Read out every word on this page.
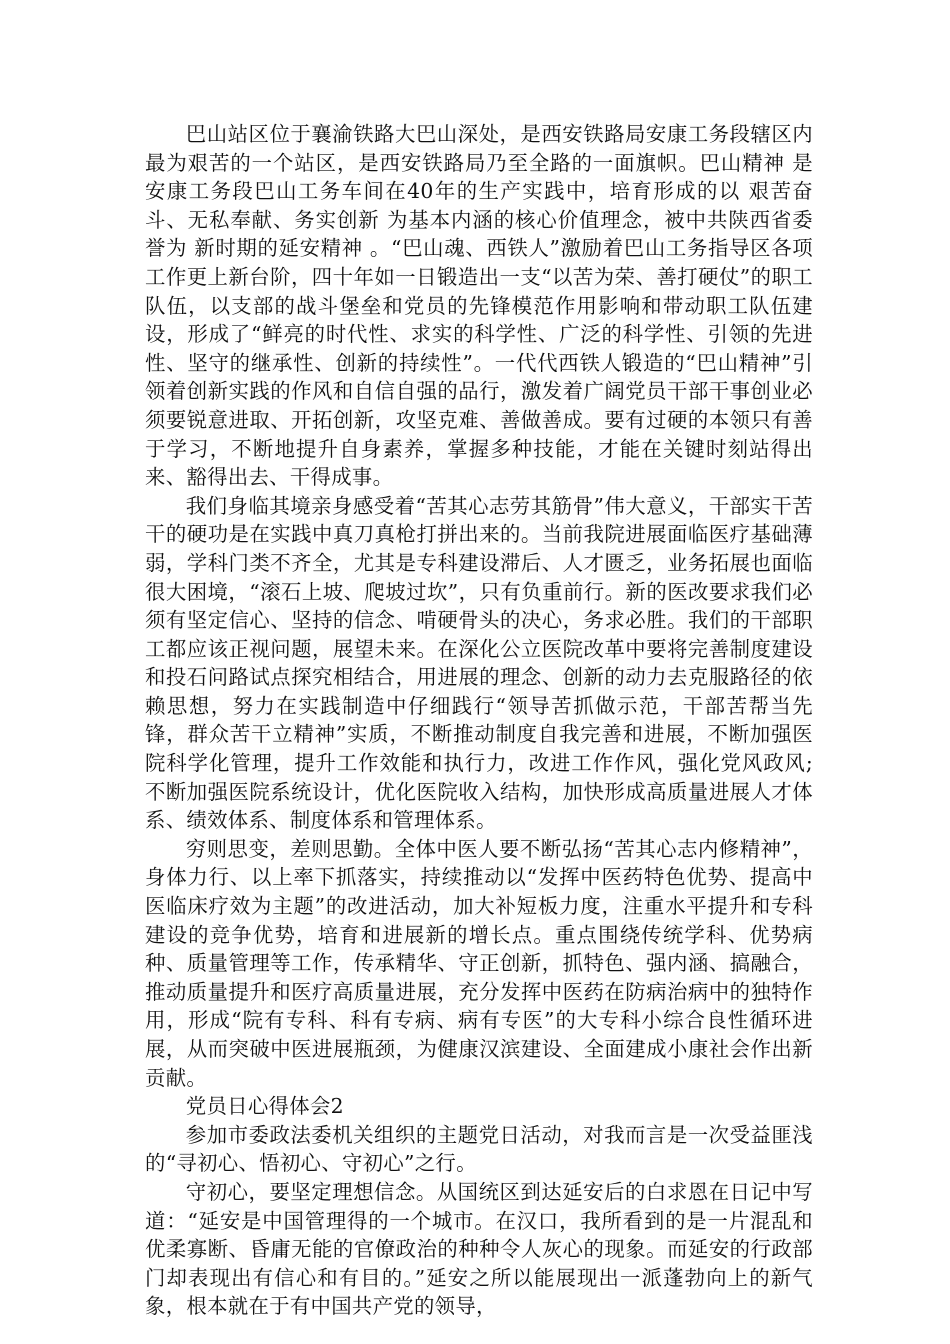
巴山站区位于襄渝铁路大巴山深处，是西安铁路局安康工务段辖区内最为艰苦的一个站区，是西安铁路局乃至全路的一面旗帜。巴山精神 是安康工务段巴山工务车间在40年的生产实践中，培育形成的以 艰苦奋斗、无私奉献、务实创新 为基本内涵的核心价值理念，被中共陕西省委誉为 新时期的延安精神 。“巴山魂、西铁人”激励着巴山工务指导区各项工作更上新台阶，四十年如一日锻造出一支“以苦为荣、善打硬仗”的职工队伍，以支部的战斗堡垒和党员的先锋模范作用影响和带动职工队伍建设，形成了“鲜亮的时代性、求实的科学性、广泛的科学性、引领的先进性、坚守的继承性、创新的持续性”。一代代西铁人锻造的“巴山精神”引领着创新实践的作风和自信自强的品行，激发着广阔党员干部干事创业必须要锐意进取、开拓创新，攻坚克难、善做善成。要有过硬的本领只有善于学习，不断地提升自身素养，掌握多种技能，才能在关键时刻站得出来、豁得出去、干得成事。

我们身临其境亲身感受着“苦其心志劳其筋骨”伟大意义，干部实干苦干的硬功是在实践中真刀真枪打拼出来的。当前我院进展面临医疗基础薄弱，学科门类不齐全，尤其是专科建设滞后、人才匮乏，业务拓展也面临很大困境，“滚石上坡、爬坡过坎”，只有负重前行。新的医改要求我们必须有坚定信心、坚持的信念、啃硬骨头的决心，务求必胜。我们的干部职工都应该正视问题，展望未来。在深化公立医院改革中要将完善制度建设和投石问路试点探究相结合，用进展的理念、创新的动力去克服路径的依赖思想，努力在实践制造中仔细践行“领导苦抓做示范，干部苦帮当先锋，群众苦干立精神”实质，不断推动制度自我完善和进展，不断加强医院科学化管理，提升工作效能和执行力，改进工作作风，强化党风政风;不断加强医院系统设计，优化医院收入结构，加快形成高质量进展人才体系、绩效体系、制度体系和管理体系。

穷则思变，差则思勤。全体中医人要不断弘扬“苦其心志内修精神”，身体力行、以上率下抓落实，持续推动以“发挥中医药特色优势、提高中医临床疗效为主题”的改进活动，加大补短板力度，注重水平提升和专科建设的竞争优势，培育和进展新的增长点。重点围绕传统学科、优势病种、质量管理等工作，传承精华、守正创新，抓特色、强内涵、搞融合，推动质量提升和医疗高质量进展，充分发挥中医药在防病治病中的独特作用，形成“院有专科、科有专病、病有专医”的大专科小综合良性循环进展，从而突破中医进展瓶颈，为健康汉滨建设、全面建成小康社会作出新贡献。

党员日心得体会2

参加市委政法委机关组织的主题党日活动，对我而言是一次受益匪浅的“寻初心、悟初心、守初心”之行。

守初心，要坚定理想信念。从国统区到达延安后的白求恩在日记中写道：“延安是中国管理得的一个城市。在汉口，我所看到的是一片混乱和优柔寡断、昏庸无能的官僚政治的种种令人灰心的现象。而延安的行政部门却表现出有信心和有目的。”延安之所以能展现出一派蓬勃向上的新气象，根本就在于有中国共产党的领导，
